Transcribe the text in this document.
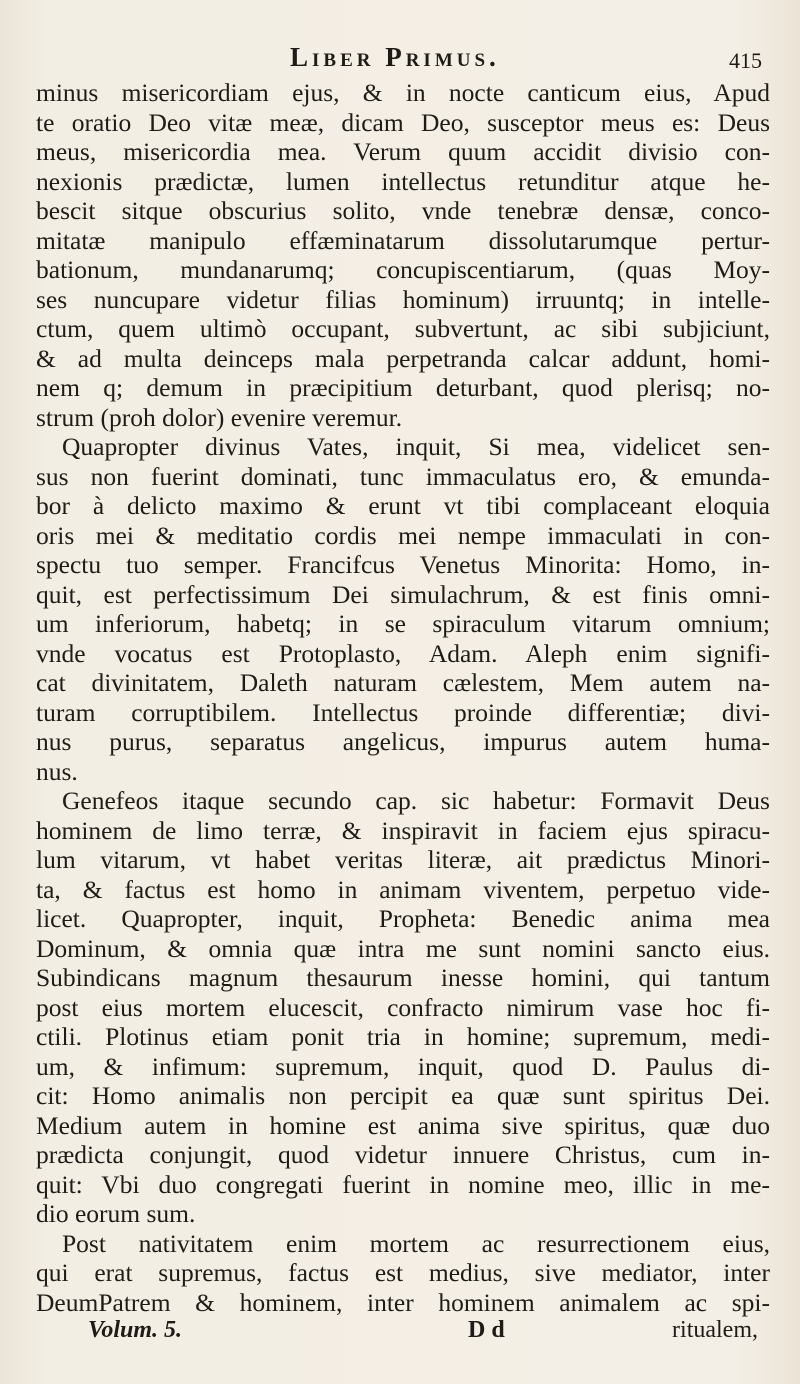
Liber Primus.	415
minus misericordiam ejus, & in nocte canticum eius, Apud
te oratio Deo vitæ meæ, dicam Deo, susceptor meus es: Deus
meus, misericordia mea. Verum quum accidit divisio con-
nexionis prædictæ, lumen intellectus retunditur atque he-
bescit sitque obscurius solito, vnde tenebræ densæ, conco-
mitatæ manipulo effæminatarum dissolutarumque pertur-
bationum, mundanarumq; concupiscentiarum, (quas Moy-
ses nuncupare videtur filias hominum) irruuntq; in intelle-
ctum, quem ultimò occupant, subvertunt, ac sibi subjiciunt,
& ad multa deinceps mala perpetranda calcar addunt, homi-
nem q; demum in præcipitium deturbant, quod plerisq; no-
strum (proh dolor) evenire veremur.
Quapropter divinus Vates, inquit, Si mea, videlicet sen-
sus non fuerint dominati, tunc immaculatus ero, & emunda-
bor à delicto maximo & erunt vt tibi complaceant eloquia
oris mei & meditatio cordis mei nempe immaculati in con-
spectu tuo semper. Francifcus Venetus Minorita: Homo, in-
quit, est perfectissimum Dei simulachrum, & est finis omni-
um inferiorum, habetq; in se spiraculum vitarum omnium;
vnde vocatus est Protoplasto, Adam. Aleph enim signifi-
cat divinitatem, Daleth naturam cælestem, Mem autem na-
turam corruptibilem. Intellectus proinde differentiæ; divi-
nus purus, separatus angelicus, impurus autem huma-
nus.
Genefeos itaque secundo cap. sic habetur: Formavit Deus
hominem de limo terræ, & inspiravit in faciem ejus spiracu-
lum vitarum, vt habet veritas literæ, ait prædictus Minori-
ta, & factus est homo in animam viventem, perpetuo vide-
licet. Quapropter, inquit, Propheta: Benedic anima mea
Dominum, & omnia quæ intra me sunt nomini sancto eius.
Subindicans magnum thesaurum inesse homini, qui tantum
post eius mortem elucescit, confracto nimirum vase hoc fi-
ctili. Plotinus etiam ponit tria in homine; supremum, medi-
um, & infimum: supremum, inquit, quod D. Paulus di-
cit: Homo animalis non percipit ea quæ sunt spiritus Dei.
Medium autem in homine est anima sive spiritus, quæ duo
prædicta conjungit, quod videtur innuere Christus, cum in-
quit: Vbi duo congregati fuerint in nomine meo, illic in me-
dio eorum sum.
Post nativitatem enim mortem ac resurrectionem eius,
qui erat supremus, factus est medius, sive mediator, inter
DeumPatrem & hominem, inter hominem animalem ac spi-
Volum. 5.	D d	ritualem,
